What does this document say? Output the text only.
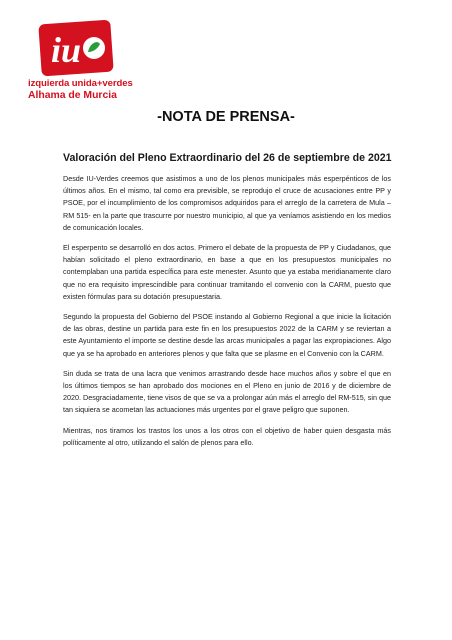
iu
izquierda unida+verdes
Alhama de Murcia
-NOTA DE PRENSA-
Valoración del Pleno Extraordinario del 26 de septiembre de 2021

Desde IU-Verdes creemos que asistimos a uno de los plenos municipales más esperpénticos de los últimos años. En el mismo, tal como era previsible, se reprodujo el cruce de acusaciones entre PP y PSOE, por el incumplimiento de los compromisos adquiridos para el arreglo de la carretera de Mula –RM 515- en la parte que trascurre por nuestro municipio, al que ya veníamos asistiendo en los medios de comunicación locales.

El esperpento se desarrolló en dos actos. Primero el debate de la propuesta de PP y Ciudadanos, que habían solicitado el pleno extraordinario, en base a que en los presupuestos municipales no contemplaban una partida específica para este menester. Asunto que ya estaba meridianamente claro que no era requisito imprescindible para continuar tramitando el convenio con la CARM, puesto que existen fórmulas para su dotación presupuestaria.

Segundo la propuesta del Gobierno del PSOE instando al Gobierno Regional a que inicie la licitación de las obras, destine un partida para este fin en los presupuestos 2022 de la CARM y se reviertan a este Ayuntamiento el importe se destine desde las arcas municipales a pagar las expropiaciones. Algo que ya se ha aprobado en anteriores plenos y que falta que se plasme en el Convenio con la CARM.

Sin duda se trata de una lacra que venimos arrastrando desde hace muchos años y sobre el que en los últimos tiempos se han aprobado dos mociones en el Pleno en junio de 2016 y de diciembre de 2020. Desgraciadamente, tiene visos de que se va a prolongar aún más el arreglo del RM-515, sin que tan siquiera se acometan las actuaciones más urgentes por el grave peligro que suponen.

Mientras, nos tiramos los trastos los unos a los otros con el objetivo de haber quien desgasta más políticamente al otro, utilizando el salón de plenos para ello.
